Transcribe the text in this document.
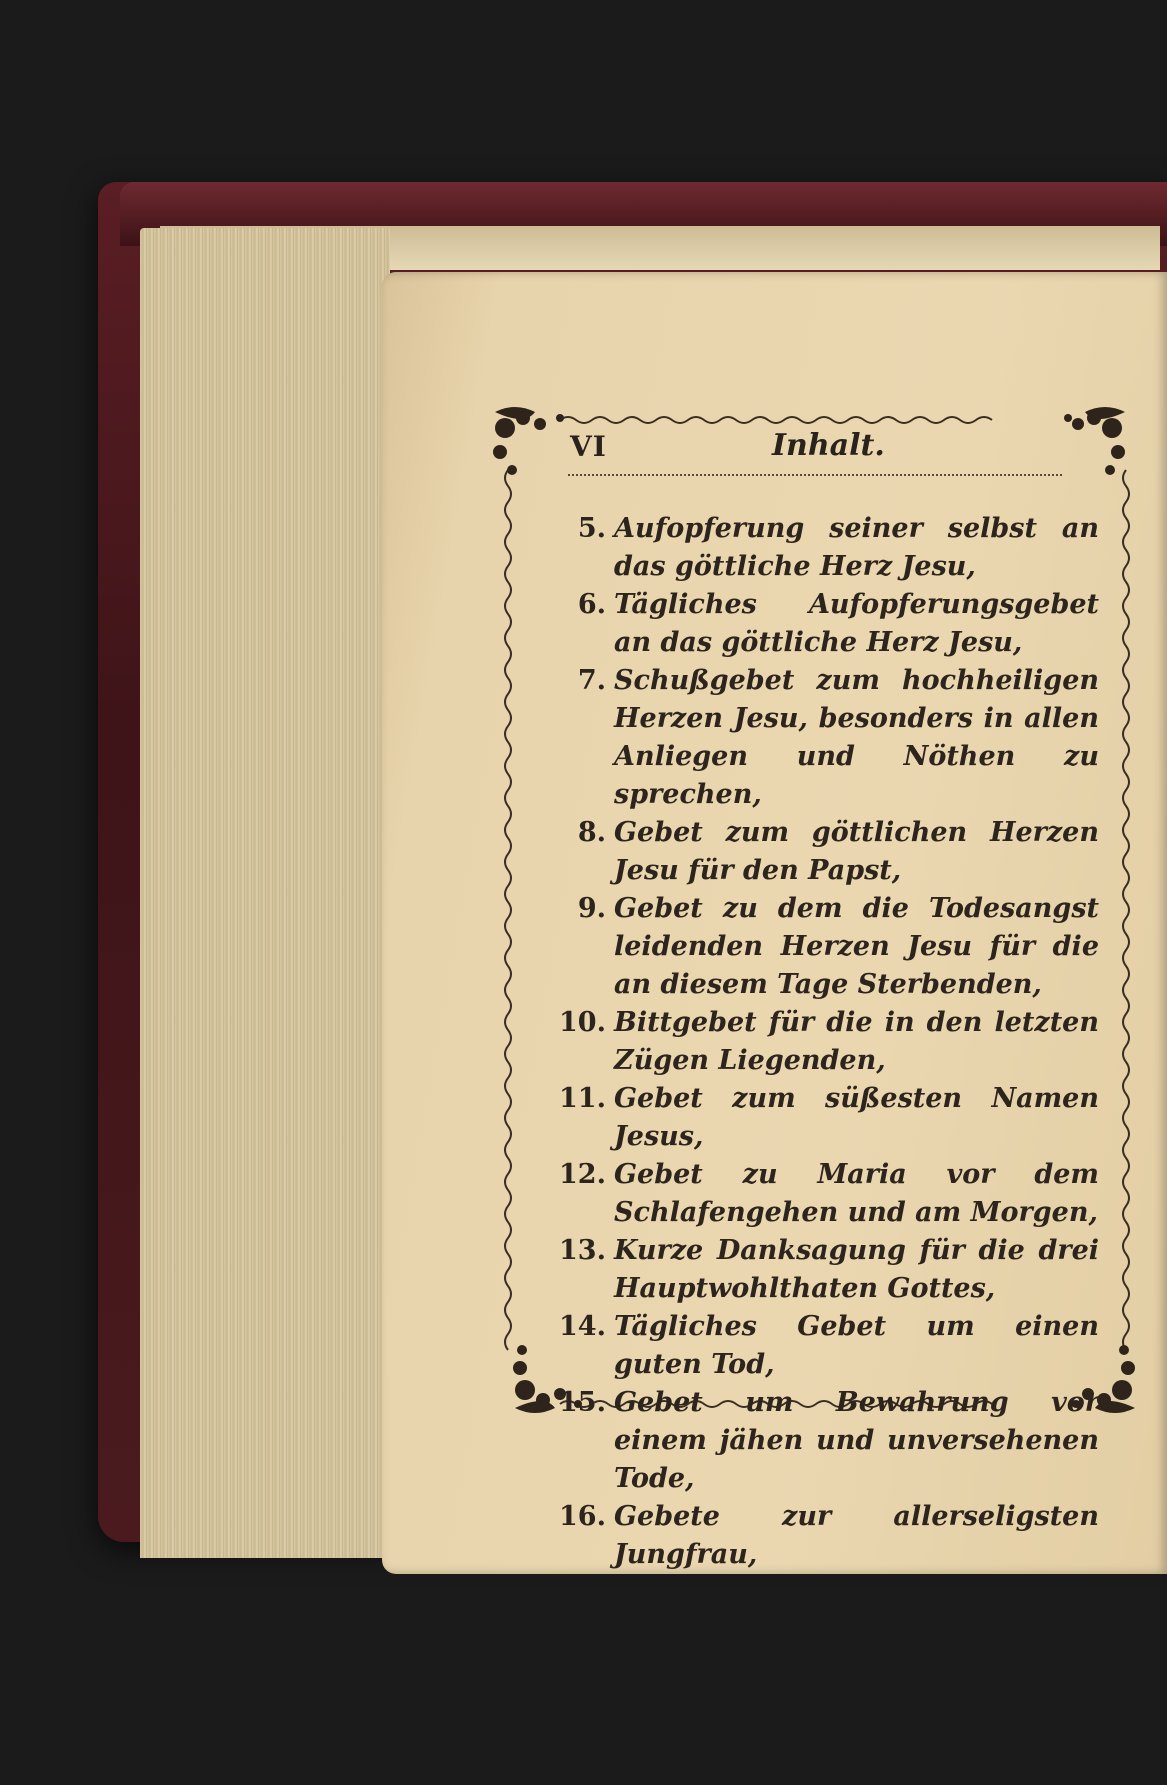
VI	Inhalt.
5. Aufopferung seiner selbst an das göttliche Herz Jesu,
6. Tägliches Aufopferungsgebet an das göttliche Herz Jesu,
7. Schußgebet zum hochheiligen Herzen Jesu, besonders in allen Anliegen und Nöthen zu sprechen,
8. Gebet zum göttlichen Herzen Jesu für den Papst,
9. Gebet zu dem die Todesangst leidenden Herzen Jesu für die an diesem Tage Sterbenden,
10. Bittgebet für die in den letzten Zügen Liegenden,
11. Gebet zum süßesten Namen Jesus,
12. Gebet zu Maria vor dem Schlafengehen und am Morgen,
13. Kurze Danksagung für die drei Hauptwohlthaten Gottes,
14. Tägliches Gebet um einen guten Tod,
15. Gebet um Bewahrung vor einem jähen und unversehenen Tode,
16. Gebete zur allerseligsten Jungfrau,
